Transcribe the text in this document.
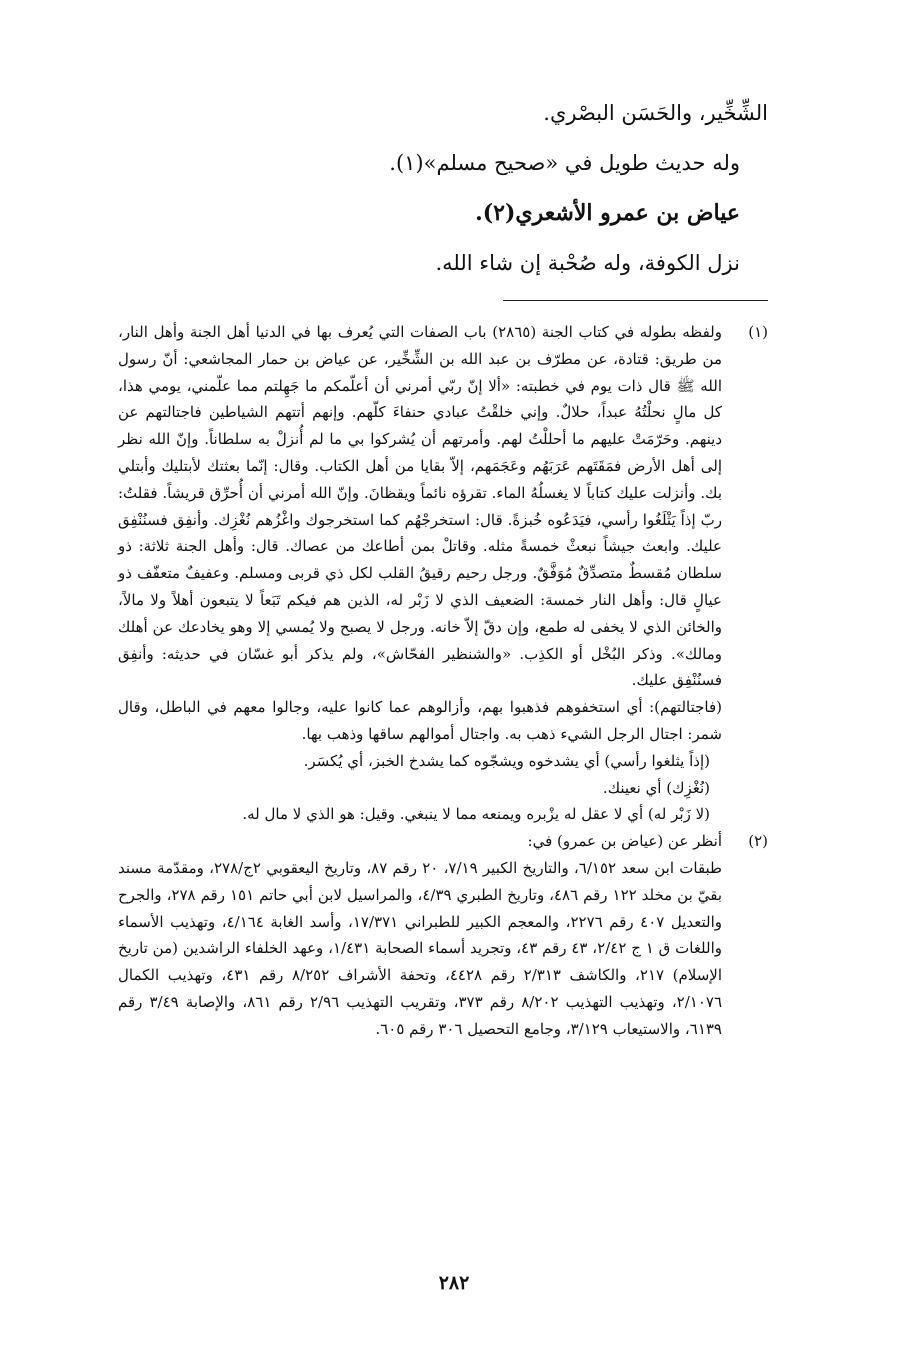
الشِّخِّير، والحَسَن البصْري.

وله حديث طويل في «صحيح مسلم»(١).

عياض بن عمرو الأشعري(٢).

نزل الكوفة، وله صُحْبة إن شاء الله.

(١)

ولفظه بطوله في كتاب الجنة (٢٨٦٥) باب الصفات التي يُعرف بها في الدنيا أهل الجنة وأهل النار، من طريق: قتادة، عن مطرّف بن عبد الله بن الشِّخِّير، عن عياض بن حمار المجاشعي: أنّ رسول الله ﷺ قال ذات يوم في خطبته: «ألا إنّ ربّي أمرني أن أعلّمكم ما جَهِلتم مما علّمني، يومي هذا، كل مالٍ نحلْتُهُ عبداً، حلالٌ. وإني خلقْتُ عبادي حنفاءَ كلّهم. وإنهم أتتهم الشياطين فاجتالتهم عن دينهم. وحَرّمَتْ عليهم ما أحللْتُ لهم. وأمرتهم أن يُشركوا بي ما لم أُنزلْ به سلطاناً. وإنّ الله نظر إلى أهل الأرض فمَقَتَهم عَرَبَهُم وعَجَمَهم، إلاّ بقايا من أهل الكتاب. وقال: إنّما بعثتك لأبتليك وأبتلي بك. وأنزلت عليك كتاباً لا يغسلُهُ الماء. تقرؤه نائماً ويقظانَ. وإنّ الله أمرني أن أُحرِّق قريشاً. فقلتُ: ربّ إذاً يَثْلَغُوا رأسي، فيَدَعُوه خُبزةً. قال: استخرجْهُم كما استخرجوك واغْزُهم نُغْزِك. وأنفِق فسنُنْفِق عليك. وابعث جيشاً نبعثْ خمسةً مثله. وقاتلْ بمن أطاعك من عصاك. قال: وأهل الجنة ثلاثة: ذو سلطان مُقسطٌ متصدِّقٌ مُوَفَّقٌ. ورجل رحيم رقيقُ القلب لكل ذي قربى ومسلم. وعفيفٌ متعفّف ذو عيالٍ قال: وأهل النار خمسة: الضعيف الذي لا زَبْر له، الذين هم فيكم تَبَعاً لا يتبعون أهلاً ولا مالاً، والخائن الذي لا يخفى له طمع، وإن دقّ إلاّ خانه. ورجل لا يصبح ولا يُمسي إلا وهو يخادعك عن أهلك ومالك». وذكر البُخْل أو الكذِب. «والشنظير الفحّاش»، ولم يذكر أبو غسّان في حديثه: وأنفِق فسنُنْفِق عليك.

(فاجتالتهم): أي استخفوهم فذهبوا بهم، وأزالوهم عما كانوا عليه، وجالوا معهم في الباطل، وقال شمر: اجتال الرجل الشيء ذهب به. واجتال أموالهم ساقها وذهب بها.

(إذاً يثلغوا رأسي) أي يشدخوه ويشجّوه كما يشدخ الخبز، أي يُكسَر.

(نُغْزِك) أي نعينك.

(لا زَبْر له) أي لا عقل له يزْبره ويمنعه مما لا ينبغي. وقيل: هو الذي لا مال له.

(٢)

أنظر عن (عياض بن عمرو) في:

طبقات ابن سعد ٦/١٥٢، والتاريخ الكبير ٧/١٩، ٢٠ رقم ٨٧، وتاريخ اليعقوبي ٢ج/٢٧٨، ومقدّمة مسند بقيّ بن مخلد ١٢٢ رقم ٤٨٦، وتاريخ الطبري ٤/٣٩، والمراسيل لابن أبي حاتم ١٥١ رقم ٢٧٨، والجرح والتعديل ٤٠٧ رقم ٢٢٧٦، والمعجم الكبير للطبراني ١٧/٣٧١، وأسد الغابة ٤/١٦٤، وتهذيب الأسماء واللغات ق ١ ج ٢/٤٢، ٤٣ رقم ٤٣، وتجريد أسماء الصحابة ١/٤٣١، وعهد الخلفاء الراشدين (من تاريخ الإسلام) ٢١٧، والكاشف ٢/٣١٣ رقم ٤٤٢٨، وتحفة الأشراف ٨/٢٥٢ رقم ٤٣١، وتهذيب الكمال ٢/١٠٧٦، وتهذيب التهذيب ٨/٢٠٢ رقم ٣٧٣، وتقريب التهذيب ٢/٩٦ رقم ٨٦١، والإصابة ٣/٤٩ رقم ٦١٣٩، والاستيعاب ٣/١٢٩، وجامع التحصيل ٣٠٦ رقم ٦٠٥.

٢٨٢
